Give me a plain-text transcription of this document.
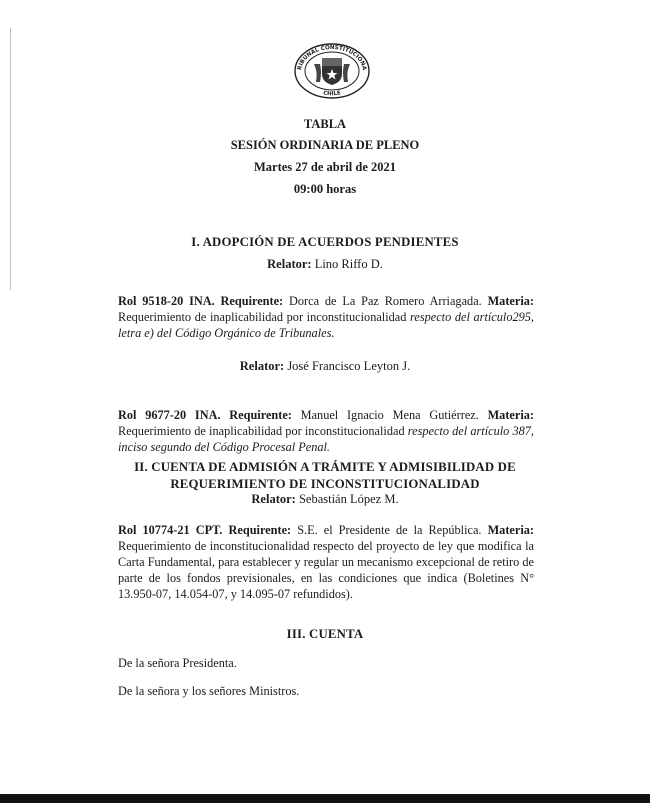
RIBUNAL CONSTITUCIONA
CHILE
TABLA
SESIÓN ORDINARIA DE PLENO
Martes 27 de abril de 2021
09:00 horas
I. ADOPCIÓN DE ACUERDOS PENDIENTES
Relator: Lino Riffo D.
Rol 9518-20 INA. Requirente: Dorca de La Paz Romero Arriagada. Materia: Requerimiento de inaplicabilidad por inconstitucionalidad respecto del artículo295, letra e) del Código Orgánico de Tribunales.
Relator: José Francisco Leyton J.
Rol 9677-20 INA. Requirente: Manuel Ignacio Mena Gutiérrez. Materia: Requerimiento de inaplicabilidad por inconstitucionalidad respecto del artículo 387, inciso segundo del Código Procesal Penal.
II. CUENTA DE ADMISIÓN A TRÁMITE Y ADMISIBILIDAD DE
REQUERIMIENTO DE INCONSTITUCIONALIDAD
Relator: Sebastián López M.
Rol 10774-21 CPT. Requirente: S.E. el Presidente de la República. Materia: Requerimiento de inconstitucionalidad respecto del proyecto de ley que modifica la Carta Fundamental, para establecer y regular un mecanismo excepcional de retiro de parte de los fondos previsionales, en las condiciones que indica (Boletines N° 13.950-07, 14.054-07, y 14.095-07 refundidos).
III. CUENTA
De la señora Presidenta.
De la señora y los señores Ministros.
